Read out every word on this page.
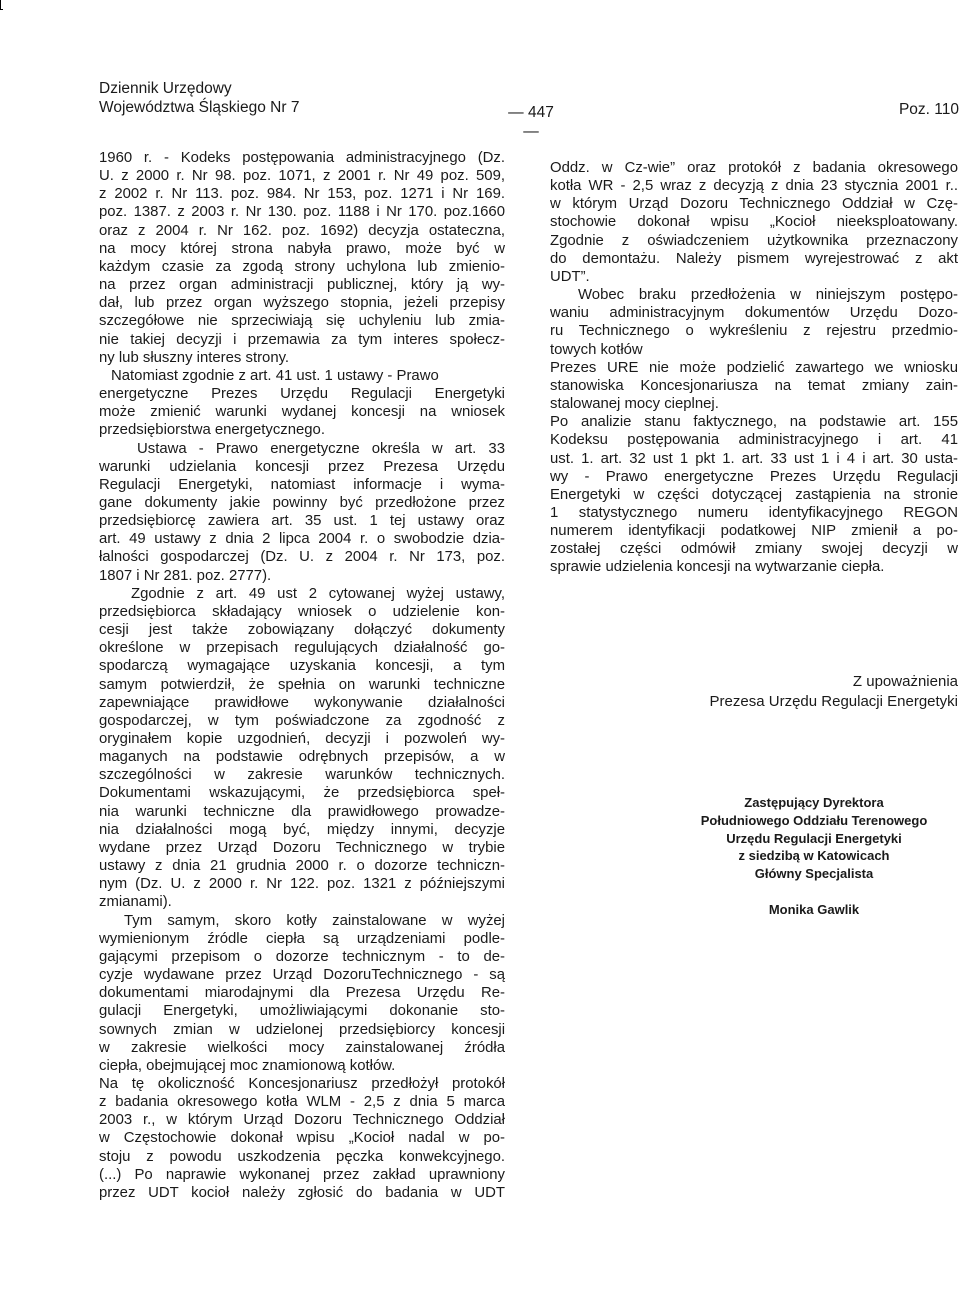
Dziennik Urzędowy
Województwa Śląskiego Nr 7	— 447 —
Poz. 110
1960 r. - Kodeks postępowania administracyjnego (Dz.
U. z 2000 r. Nr 98. poz. 1071, z 2001 r. Nr 49 poz. 509,
z 2002 r. Nr 113. poz. 984. Nr 153, poz. 1271 i Nr 169.
poz. 1387. z 2003 r. Nr 130. poz. 1188 i Nr 170. poz.1660
oraz z 2004 r. Nr 162. poz. 1692) decyzja ostateczna,
na mocy której strona nabyła prawo, może być w
każdym czasie za zgodą strony uchylona lub zmienio-
na przez organ administracji publicznej, który ją wy-
dał, lub przez organ wyższego stopnia, jeżeli przepisy
szczegółowe nie sprzeciwiają się uchyleniu lub zmia-
nie takiej decyzji i przemawia za tym interes społecz-
ny lub słuszny interes strony.
Natomiast zgodnie z art. 41 ust. 1 ustawy - Prawo
energetyczne Prezes Urzędu Regulacji Energetyki
może zmienić warunki wydanej koncesji na wniosek
przedsiębiorstwa energetycznego.
Ustawa - Prawo energetyczne określa w art. 33
warunki udzielania koncesji przez Prezesa Urzędu
Regulacji Energetyki, natomiast informacje i wyma-
gane dokumenty jakie powinny być przedłożone przez
przedsiębiorcę zawiera art. 35 ust. 1 tej ustawy oraz
art. 49 ustawy z dnia 2 lipca 2004 r. o swobodzie dzia-
łalności gospodarczej (Dz. U. z 2004 r. Nr 173, poz.
1807 i Nr 281. poz. 2777).
Zgodnie z art. 49 ust 2 cytowanej wyżej ustawy,
przedsiębiorca składający wniosek o udzielenie kon-
cesji jest także zobowiązany dołączyć dokumenty
określone w przepisach regulujących działalność go-
spodarczą wymagające uzyskania koncesji, a tym
samym potwierdził, że spełnia on warunki techniczne
zapewniające prawidłowe wykonywanie działalności
gospodarczej, w tym poświadczone za zgodność z
oryginałem kopie uzgodnień, decyzji i pozwoleń wy-
maganych na podstawie odrębnych przepisów, a w
szczególności w zakresie warunków technicznych.
Dokumentami wskazującymi, że przedsiębiorca speł-
nia warunki techniczne dla prawidłowego prowadze-
nia działalności mogą być, między innymi, decyzje
wydane przez Urząd Dozoru Technicznego w trybie
ustawy z dnia 21 grudnia 2000 r. o dozorze techniczn-
nym (Dz. U. z 2000 r. Nr 122. poz. 1321 z późniejszymi
zmianami).
Tym samym, skoro kotły zainstalowane w wyżej
wymienionym źródle ciepła są urządzeniami podle-
gającymi przepisom o dozorze technicznym - to de-
cyzje wydawane przez Urząd DozoruTechnicznego - są
dokumentami miarodajnymi dla Prezesa Urzędu Re-
gulacji Energetyki, umożliwiającymi dokonanie sto-
sownych zmian w udzielonej przedsiębiorcy koncesji
w zakresie wielkości mocy zainstalowanej źródła
ciepła, obejmującej moc znamionową kotłów.
Na tę okoliczność Koncesjonariusz przedłożył protokół
z badania okresowego kotła WLM - 2,5 z dnia 5 marca
2003 r., w którym Urząd Dozoru Technicznego Oddział
w Częstochowie dokonał wpisu „Kocioł nadal w po-
stoju z powodu uszkodzenia pęczka konwekcyjnego.
(...) Po naprawie wykonanej przez zakład uprawniony
przez UDT kocioł należy zgłosić do badania w UDT
Oddz. w Cz-wie” oraz protokół z badania okresowego
kotła WR - 2,5 wraz z decyzją z dnia 23 stycznia 2001 r..
w którym Urząd Dozoru Technicznego Oddział w Czę-
stochowie dokonał wpisu „Kocioł nieeksploatowany.
Zgodnie z oświadczeniem użytkownika przeznaczony
do demontażu. Należy pismem wyrejestrować z akt
UDT”.
Wobec braku przedłożenia w niniejszym postępo-
waniu administracyjnym dokumentów Urzędu Dozo-
ru Technicznego o wykreśleniu z rejestru przedmio-
towych kotłów
Prezes URE nie może podzielić zawartego we wniosku
stanowiska Koncesjonariusza na temat zmiany zain-
stalowanej mocy cieplnej.
Po analizie stanu faktycznego, na podstawie art. 155
Kodeksu postępowania administracyjnego i art. 41
ust. 1. art. 32 ust 1 pkt 1. art. 33 ust 1 i 4 i art. 30 usta-
wy - Prawo energetyczne Prezes Urzędu Regulacji
Energetyki w części dotyczącej zastąpienia na stronie
1 statystycznego numeru identyfikacyjnego REGON
numerem identyfikacji podatkowej NIP zmienił a po-
zostałej części odmówił zmiany swojej decyzji w
sprawie udzielenia koncesji na wytwarzanie ciepła.
Z upoważnienia
Prezesa Urzędu Regulacji Energetyki
Zastępujący Dyrektora
Południowego Oddziału Terenowego
Urzędu Regulacji Energetyki
z siedzibą w Katowicach
Główny Specjalista
Monika Gawlik
